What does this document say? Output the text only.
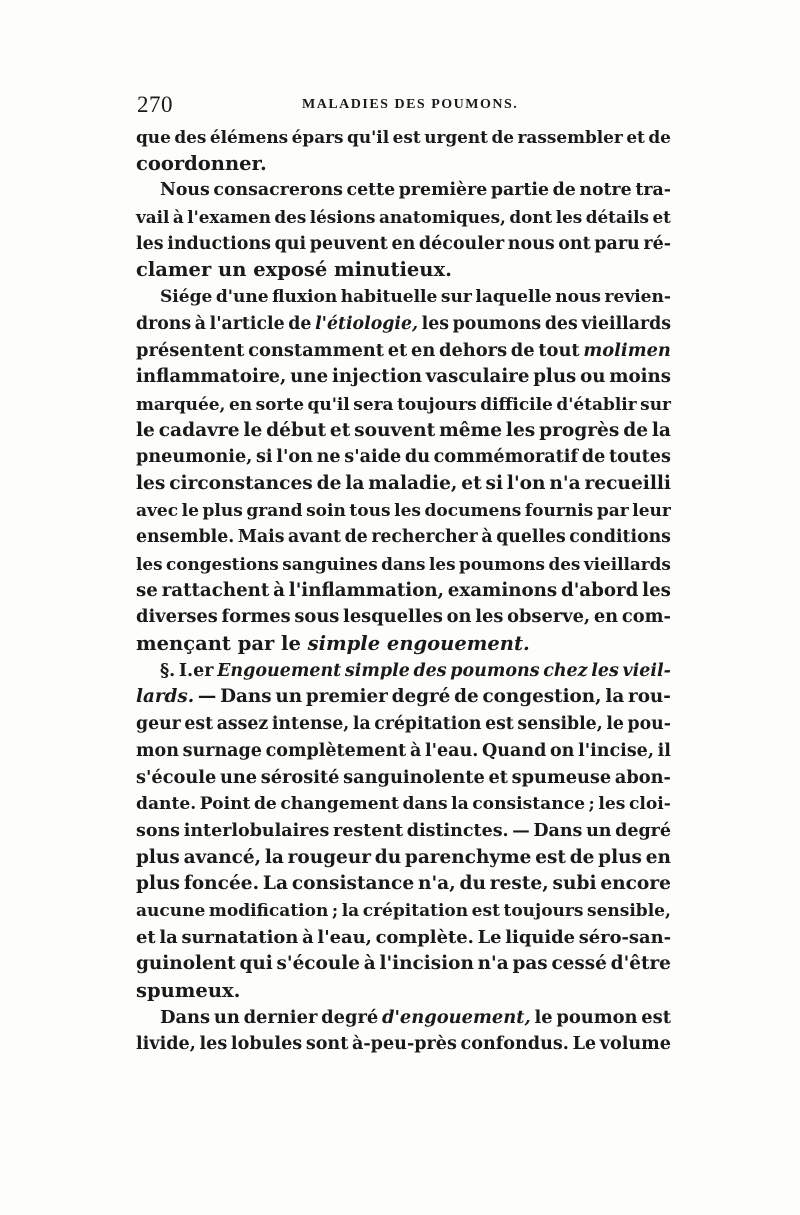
270	MALADIES DES POUMONS.
que des élémens épars qu'il est urgent de rassembler et de
coordonner.
Nous consacrerons cette première partie de notre tra-
vail à l'examen des lésions anatomiques, dont les détails et
les inductions qui peuvent en découler nous ont paru ré-
clamer un exposé minutieux.
Siége d'une fluxion habituelle sur laquelle nous revien-
drons à l'article de l'étiologie, les poumons des vieillards
présentent constamment et en dehors de tout molimen
inflammatoire, une injection vasculaire plus ou moins
marquée, en sorte qu'il sera toujours difficile d'établir sur
le cadavre le début et souvent même les progrès de la
pneumonie, si l'on ne s'aide du commémoratif de toutes
les circonstances de la maladie, et si l'on n'a recueilli
avec le plus grand soin tous les documens fournis par leur
ensemble. Mais avant de rechercher à quelles conditions
les congestions sanguines dans les poumons des vieillards
se rattachent à l'inflammation, examinons d'abord les
diverses formes sous lesquelles on les observe, en com-
mençant par le simple engouement.
§. I.er Engouement simple des poumons chez les vieil-
lards. — Dans un premier degré de congestion, la rou-
geur est assez intense, la crépitation est sensible, le pou-
mon surnage complètement à l'eau. Quand on l'incise, il
s'écoule une sérosité sanguinolente et spumeuse abon-
dante. Point de changement dans la consistance ; les cloi-
sons interlobulaires restent distinctes. — Dans un degré
plus avancé, la rougeur du parenchyme est de plus en
plus foncée. La consistance n'a, du reste, subi encore
aucune modification ; la crépitation est toujours sensible,
et la surnatation à l'eau, complète. Le liquide séro-san-
guinolent qui s'écoule à l'incision n'a pas cessé d'être
spumeux.
Dans un dernier degré d'engouement, le poumon est
livide, les lobules sont à-peu-près confondus. Le volume
